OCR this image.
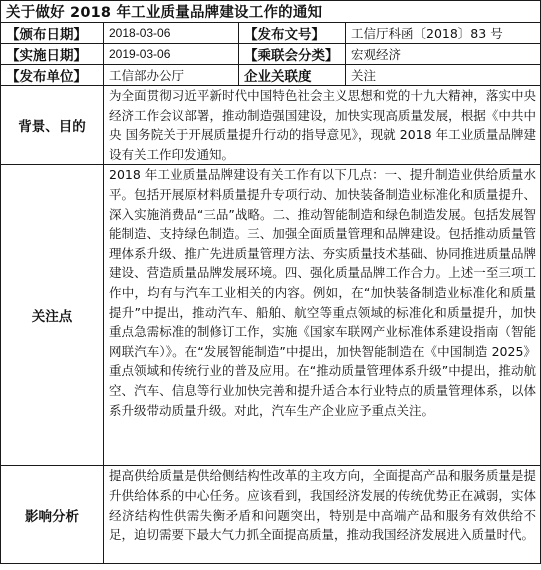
关于做好 2018 年工业质量品牌建设工作的通知			
【颁布日期】	2018-03-06	【发布文号】	工信厅科函〔2018〕83 号
【实施日期】	2019-03-06	【乘联会分类】	宏观经济
【发布单位】	工信部办公厅	企业关联度	关注
背景、目的	为全面贯彻习近平新时代中国特色社会主义思想和党的十九大精神，落实中央经济工作会议部署，推动制造强国建设，加快实现高质量发展，根据《中共中央 国务院关于开展质量提升行动的指导意见》，现就 2018 年工业质量品牌建设有关工作印发通知。		
关注点	2018 年工业质量品牌建设有关工作有以下几点：一、提升制造业供给质量水平。包括开展原材料质量提升专项行动、加快装备制造业标准化和质量提升、深入实施消费品“三品”战略。二、推动智能制造和绿色制造发展。包括发展智能制造、支持绿色制造。三、加强全面质量管理和品牌建设。包括推动质量管理体系升级、推广先进质量管理方法、夯实质量技术基础、协同推进质量品牌建设、营造质量品牌发展环境。四、强化质量品牌工作合力。上述一至三项工作中，均有与汽车工业相关的内容。例如，在“加快装备制造业标准化和质量提升”中提出，推动汽车、船舶、航空等重点领域的标准化和质量提升，加快重点急需标准的制修订工作，实施《国家车联网产业标准体系建设指南（智能网联汽车）》。在“发展智能制造”中提出，加快智能制造在《中国制造 2025》重点领域和传统行业的普及应用。在“推动质量管理体系升级”中提出，推动航空、汽车、信息等行业加快完善和提升适合本行业特点的质量管理体系，以体系升级带动质量升级。对此，汽车生产企业应予重点关注。		
影响分析	提高供给质量是供给侧结构性改革的主攻方向，全面提高产品和服务质量是提升供给体系的中心任务。应该看到，我国经济发展的传统优势正在减弱，实体经济结构性供需失衡矛盾和问题突出，特别是中高端产品和服务有效供给不足，迫切需要下最大气力抓全面提高质量，推动我国经济发展进入质量时代。		
